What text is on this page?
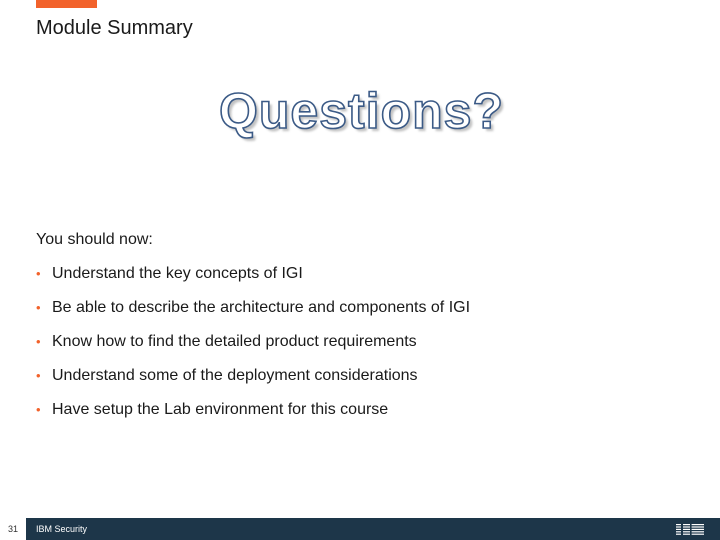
Module Summary
Questions?
You should now:
• Understand the key concepts of IGI
• Be able to describe the architecture and components of IGI
• Know how to find the detailed product requirements
• Understand some of the deployment considerations
• Have setup the Lab environment for this course
31	IBM Security
